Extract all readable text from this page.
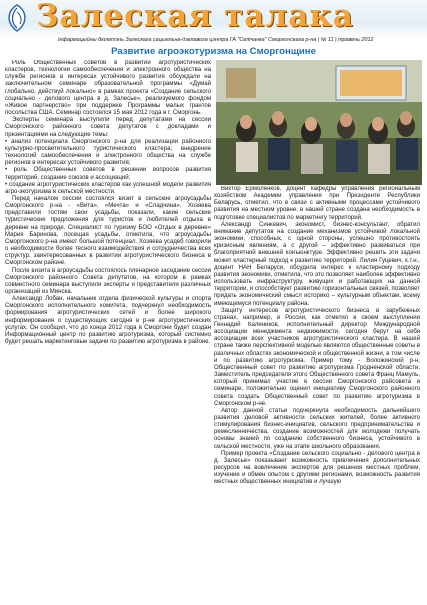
Залеская талака
Інфармацыйны бюлетэнь Залескага сацыяльна-дзелавога цэнтра ГА "Селічанка" Сморгонскага р-на | № 11 | травень 2012
Развитие агроэкотуризма на Сморгонщине

Роль Общественных советов в развитии агротуристических кластеров, технологии самообеспечения и электронного общества на службе регионов в интересах устойчивого развития обсуждали на заключительном семинаре образовательной программы «Думай глобально, действуй локально» в рамках проекта «Создание сельского социально - делового центра в д. Залесье», реализуемого фондом «Живое партнерство» при поддержке Программы малых грантов посольства США. Семинар состоялся 15 мая 2012 года в г. Сморгонь.

Эксперты семинара выступили перед депутатами на сессии Сморгонского районного совета депутатов с докладами и презентациями на следующие темы:

• анализ потенциала Сморгонского р-на для реализации районного культурно-просветительного туристического кластера; внедрение технологий самообеспечения и электронного общества на службе регионов в интересах устойчивого развития;

• роль Общественных советов в решении вопросов развития территорий, создание союзов и ассоциаций;

• создание агротуристических кластеров как успешной модели развития агро-экотуризма в сельской местности.

Перед началом сессии состоялся визит в сельские агроусадьбы Сморгонского р-на - «Вита», «Мечта» и «Сладчина». Хозяева представили гостям свои усадьбы, показали, какие сельские туристические предложения для туристов и любителей отдыха в деревне на природе. Специалист по туризму БОО «Отдых в деревне» Мария Баринова, посещая усадьбы, отметила, что агроусадьбы Сморгонского р-на имеют большой потенциал. Хозяева усадеб говорили о необходимости более тесного взаимодействия и сотрудничества всех структур, заинтересованных в развитии агротуристического бизнеса в Сморгонском районе.

После визита в агроусадьбы состоялось пленарное заседание сессии Сморгонского районного Совета депутатов, на котором в рамках совместного семинара выступили эксперты и представители различных организаций из Минска.

Александр Лобан, начальник отдела физической культуры и спорта Сморгонского исполнительного комитета, подчеркнул необходимость формирования агротуристических сетей и более широкого информирования о существующих сегодня в р-не агротуристических услугах. Он сообщил, что до конца 2012 года в Сморгони будет создан Информационный центр по развитию агротуризма, который системно будет решать маркетинговые задачи по развитию агротуризма в районе.

Виктор Ермоленков, доцент кафедры управления региональным хозяйством Академии управления при Президенте Республики Беларусь, отметил, что в связи с активными процессами устойчивого развития на местном уровне, в нашей стране создана необходимость в подготовке специалистов по маркетингу территорий.

Александр Синкевич, экономист, бизнес-консультант, обратил внимание депутатов на создание механизмов устойчивой локальной экономики, способных, с одной стороны, успешно противостоять кризисным явлениям, а с другой – эффективно развиваться при благоприятной внешней конъюнктуре. Эффективно решить эти задачи может кластерный подход к развитию территорий. Лилия Гуцевич, к.т.н., доцент НАН Беларуси, обсудила интерес к кластерному подходу развития экономики, отметила, что это позволяет наиболее эффективно использовать инфраструктуру, живущих и работающих на данной территории, и способствует развитию горизонтальных связей, позволяет придать экономический смысл историко – культурным объектам, всему имеющемуся потенциалу района.

Защиту интересов агротуристического бизнеса в зарубежных странах, например, в России, как отметил в своем выступлении Геннадий Калеников, исполнительный директор Международной ассоциации менеджмента недвижимости, сегодня берут на себя ассоциации всех участников агротуристического кластера. В нашей стране также перспективной моделью являются общественные советы в различных областях экономической и общественной жизни, в том числе и по развитию агротуризма. Пример тому - Воложинский р-н, Общественный совет по развитию агротуризма Гродненской области. Заместитель председателя этого Общественного совета Франц Мамуль, который принимал участие в сессии Сморгонского райсовета и семинаре, положительно оценил инициативу Сморгонского районного совета создать Общественный совет по развитию агротуризма в Сморгонском р-не.

Автор данной статьи подчеркнула необходимость дальнейшего развития деловой активности сельских жителей, более активного стимулирования бизнес-инициатив, сельского предпринимательства и ремесленничества, создание возможностей для молодежи получать основы знаний по созданию собственного бизнеса, устойчивого в сельской местности, уже на этапе школьного образования.

Пример проекта «Создание сельского социально - делового центра в д. Залесье» показывает возможность привлечения дополнительных ресурсов на вовлечение экспертов для решения местных проблем, изучение и обмен опытом с другими регионами, возможность развития местных общественных инициатив и лучшую
